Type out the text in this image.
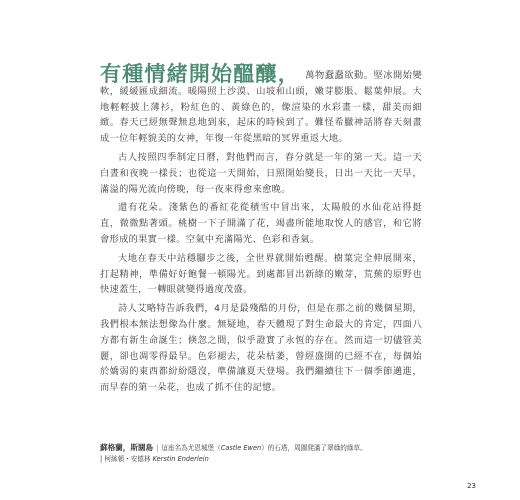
有種情緒開始醞釀， 萬物蠢蠢欲動。堅冰開始變軟，緩緩匯成細流。暖陽照上沙漠、山坡和山頭，嫩芽膨脹、鬆葉伸展。大地輕輕披上薄衫，粉紅色的、黃綠色的，像渲染的水彩畫一樣，甜美而細緻。春天已經無聲無息地到來，起床的時候到了。難怪希臘神話將春天刻畫成一位年輕貌美的女神，年復一年從黑暗的冥界重返大地。

古人按照四季制定日曆，對他們而言，春分就是一年的第一天。這一天白晝和夜晚一樣長；也從這一天開始，日照開始變長，日出一天比一天早，滿溢的陽光流向傍晚，每一夜來得愈來愈晚。

還有花朵。淺紫色的番紅花從積雪中冒出來，太陽般的水仙花站得挺直，微微點著頭。桃樹一下子開滿了花，竭盡所能地取悅人的感官，和它將會形成的果實一樣。空氣中充滿陽光、色彩和香氣。

大地在春天中站穩腳步之後，全世界就開始甦醒。樹葉完全伸展開來，打起精神，準備好好飽餐一頓陽光。到處都冒出新綠的嫩芽，荒蕪的原野也快速蓋生，一轉眼就變得過度茂盛。

詩人艾略特告訴我們，4月是最殘酷的月份，但是在那之前的幾個星期，我們根本無法想像為什麼。無疑地，春天體現了對生命最大的肯定，四面八方都有新生命誕生；倏忽之間，似乎證實了永恆的存在。然而這一切儘管美麗，卻也凋零得最早。色彩褪去，花朵枯萎，曾經盛開的已經不在，每個始於嬌弱的東西都紛紛隱沒，準備讓夏天登場。我們繼續往下一個季節邁進，而早春的第一朵花，也成了抓不住的記憶。

蘇格蘭，斯闊島 | 這座名為尤恩城堡（Castle Ewen）的石塔，周圍爬滿了翠綠的綠草。
| 柯絲頓・安德林 Kerstin Enderlein
23
